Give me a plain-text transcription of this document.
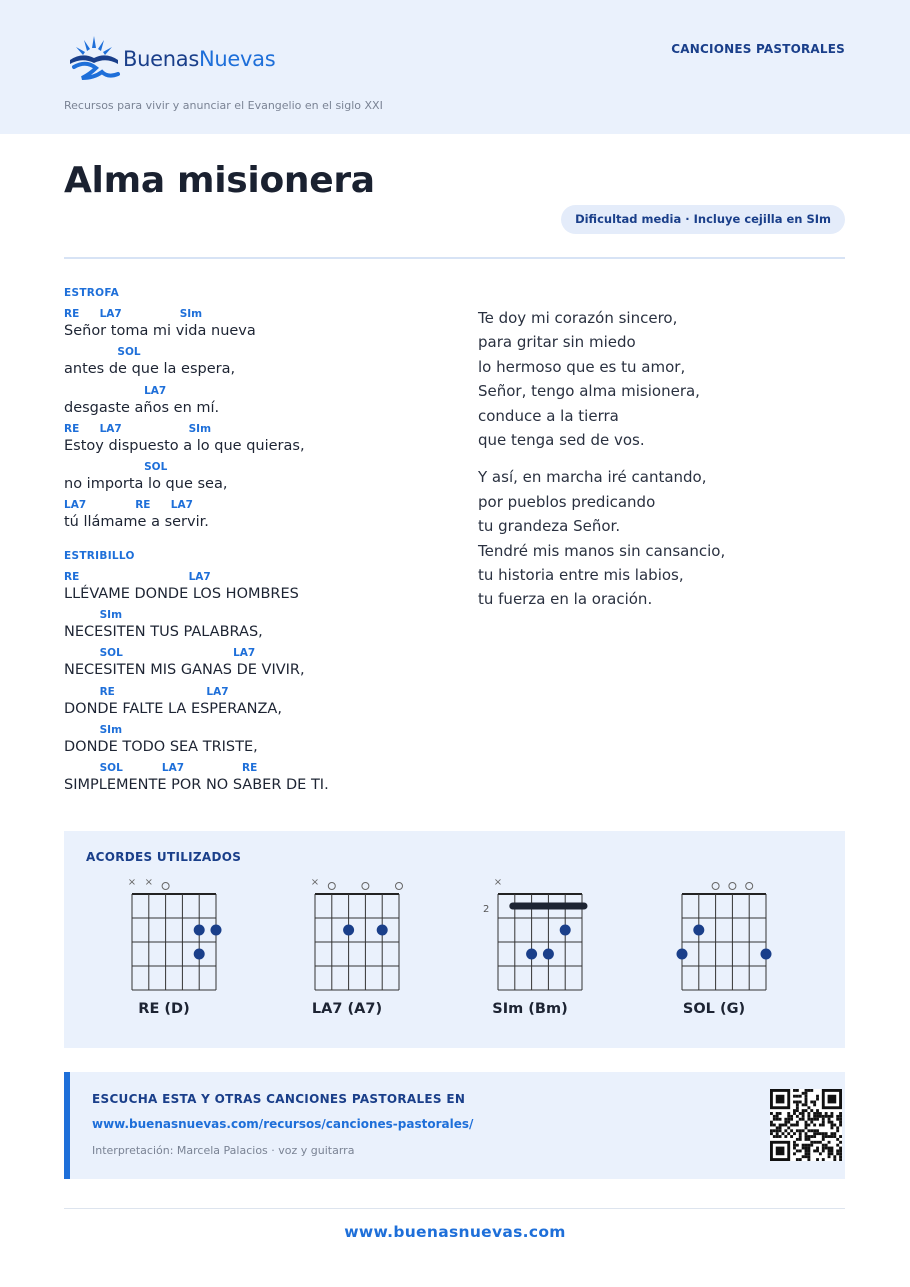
BuenasNuevas
Recursos para vivir y anunciar el Evangelio en el siglo XXI
CANCIONES PASTORALES
Alma misionera
Dificultad media · Incluye cejilla en SIm
ESTROFA
RE LA7	SIm
Señor toma mi vida nueva
SOL
antes de que la espera,
LA7
desgaste años en mí.
RE LA7	SIm
Estoy dispuesto a lo que quieras,
SOL
no importa lo que sea,
LA7	RE LA7
tú llámame a servir.
ESTRIBILLO
RE	LA7
LLÉVAME DONDE LOS HOMBRES
SIm
NECESITEN TUS PALABRAS,
SOL	LA7
NECESITEN MIS GANAS DE VIVIR,
RE	LA7
DONDE FALTE LA ESPERANZA,
SIm
DONDE TODO SEA TRISTE,
SOL	LA7	RE
SIMPLEMENTE POR NO SABER DE TI.
Te doy mi corazón sincero,
para gritar sin miedo
lo hermoso que es tu amor,
Señor, tengo alma misionera,
conduce a la tierra
que tenga sed de vos.
Y así, en marcha iré cantando,
por pueblos predicando
tu grandeza Señor.
Tendré mis manos sin cansancio,
tu historia entre mis labios,
tu fuerza en la oración.
ACORDES UTILIZADOS
× ×
RE (D)
×
LA7 (A7)
×
2
SIm (Bm)	SOL (G)
ESCUCHA ESTA Y OTRAS CANCIONES PASTORALES EN
www.buenasnuevas.com/recursos/canciones-pastorales/
Interpretación: Marcela Palacios · voz y guitarra
www.buenasnuevas.com
